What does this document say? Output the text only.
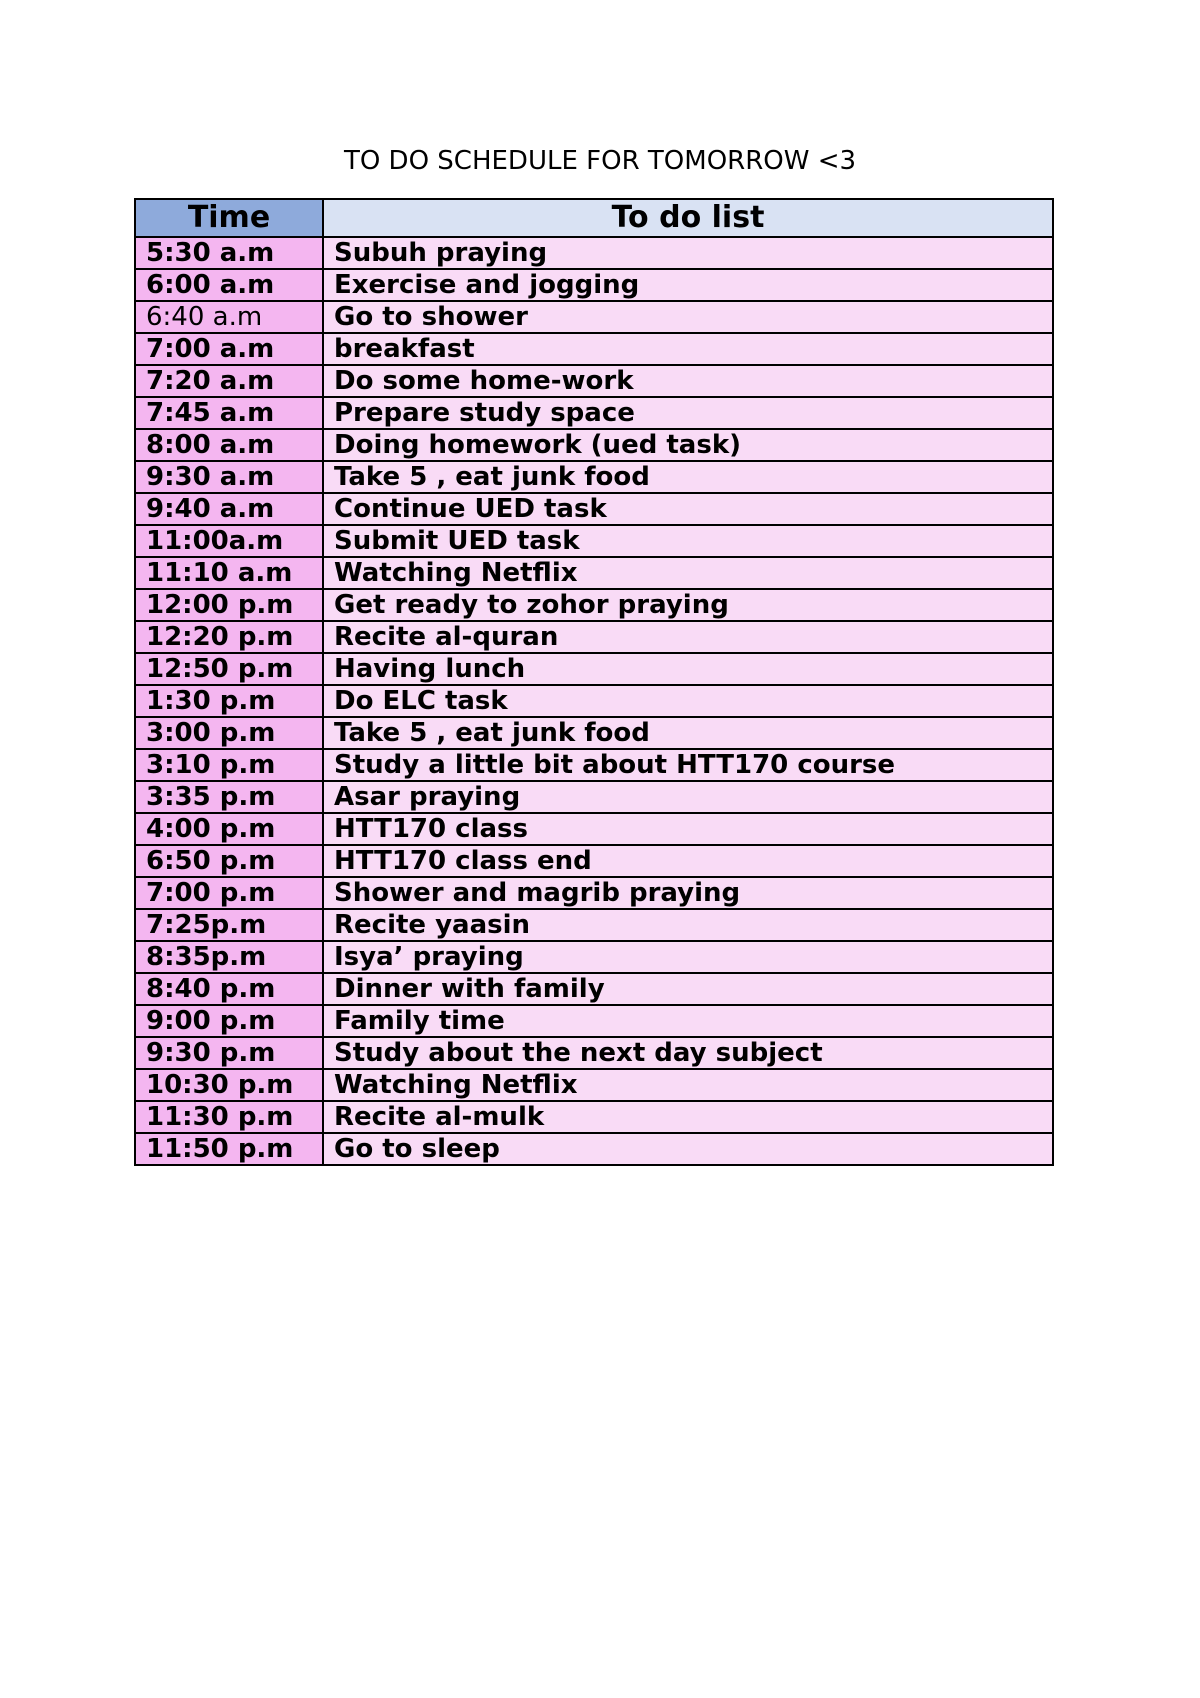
TO DO SCHEDULE FOR TOMORROW <3
Time	To do list
5:30 a.m	Subuh praying
6:00 a.m	Exercise and jogging
6:40 a.m	Go to shower
7:00 a.m	breakfast
7:20 a.m	Do some home-work
7:45 a.m	Prepare study space
8:00 a.m	Doing homework (ued task)
9:30 a.m	Take 5 , eat junk food
9:40 a.m	Continue UED task
11:00a.m	Submit UED task
11:10 a.m	Watching Netflix
12:00 p.m	Get ready to zohor praying
12:20 p.m	Recite al-quran
12:50 p.m	Having lunch
1:30 p.m	Do ELC task
3:00 p.m	Take 5 , eat junk food
3:10 p.m	Study a little bit about HTT170 course
3:35 p.m	Asar praying
4:00 p.m	HTT170 class
6:50 p.m	HTT170 class end
7:00 p.m	Shower and magrib praying
7:25p.m	Recite yaasin
8:35p.m	Isya’ praying
8:40 p.m	Dinner with family
9:00 p.m	Family time
9:30 p.m	Study about the next day subject
10:30 p.m	Watching Netflix
11:30 p.m	Recite al-mulk
11:50 p.m	Go to sleep
